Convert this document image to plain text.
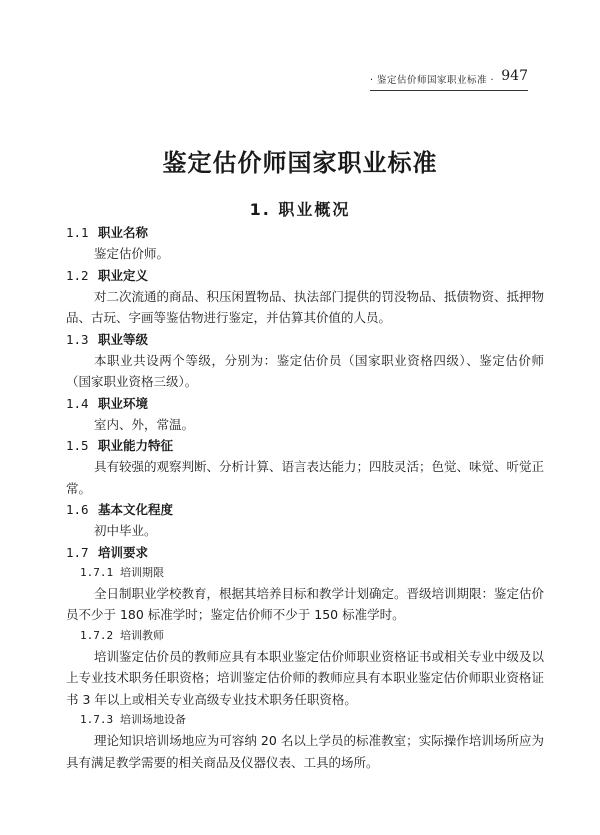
· 鉴定估价师国家职业标准 · 947
鉴定估价师国家职业标准
1. 职业概况
1.1 职业名称

鉴定估价师。

1.2 职业定义

对二次流通的商品、积压闲置物品、执法部门提供的罚没物品、抵债物资、抵押物品、古玩、字画等鉴估物进行鉴定，并估算其价值的人员。

1.3 职业等级

本职业共设两个等级，分别为：鉴定估价员（国家职业资格四级）、鉴定估价师（国家职业资格三级）。

1.4 职业环境

室内、外，常温。

1.5 职业能力特征

具有较强的观察判断、分析计算、语言表达能力；四肢灵活；色觉、味觉、听觉正常。

1.6 基本文化程度

初中毕业。

1.7 培训要求
1.7.1 培训期限

全日制职业学校教育，根据其培养目标和教学计划确定。晋级培训期限：鉴定估价员不少于 180 标准学时；鉴定估价师不少于 150 标准学时。

1.7.2 培训教师

培训鉴定估价员的教师应具有本职业鉴定估价师职业资格证书或相关专业中级及以上专业技术职务任职资格；培训鉴定估价师的教师应具有本职业鉴定估价师职业资格证书 3 年以上或相关专业高级专业技术职务任职资格。

1.7.3 培训场地设备

理论知识培训场地应为可容纳 20 名以上学员的标准教室；实际操作培训场所应为具有满足教学需要的相关商品及仪器仪表、工具的场所。
